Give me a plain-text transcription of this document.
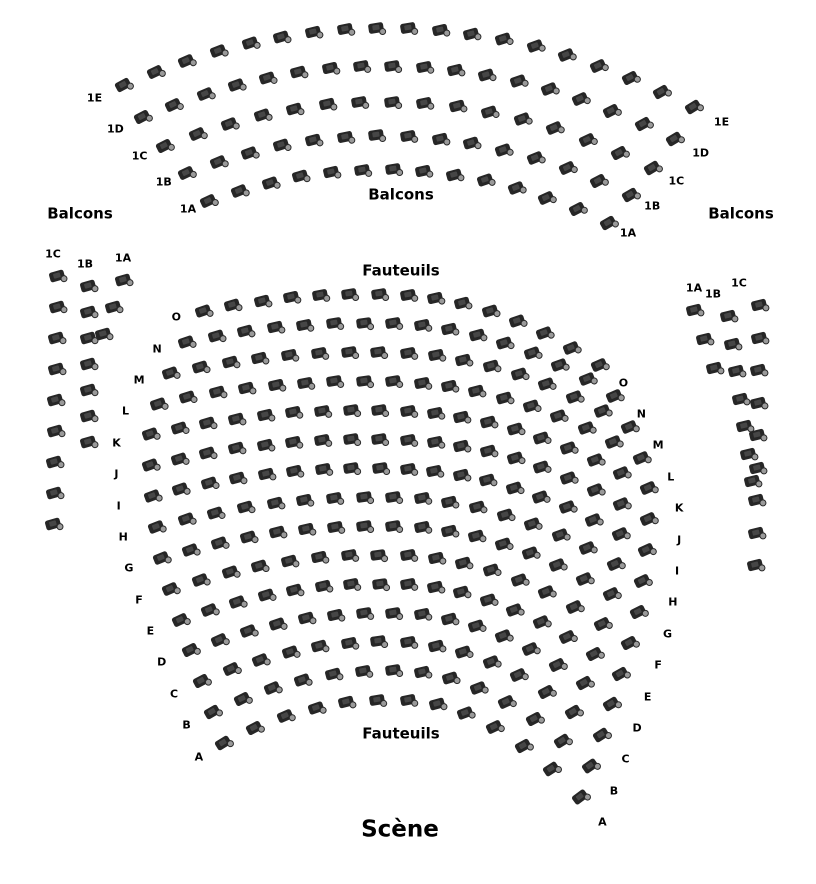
Balcons
Balcons
Balcons
Fauteuils
Fauteuils
Scène
1A
1A
1B
1B
1C
1C
1D
1D
1E
1E
1C
1B 1A
1A 1B
1C
A
A
B
B
C
C
D
D
E
E
F
F
G
G
H
H
I
I
J
J
K
K
L
L
M
M
N
N
O
O
